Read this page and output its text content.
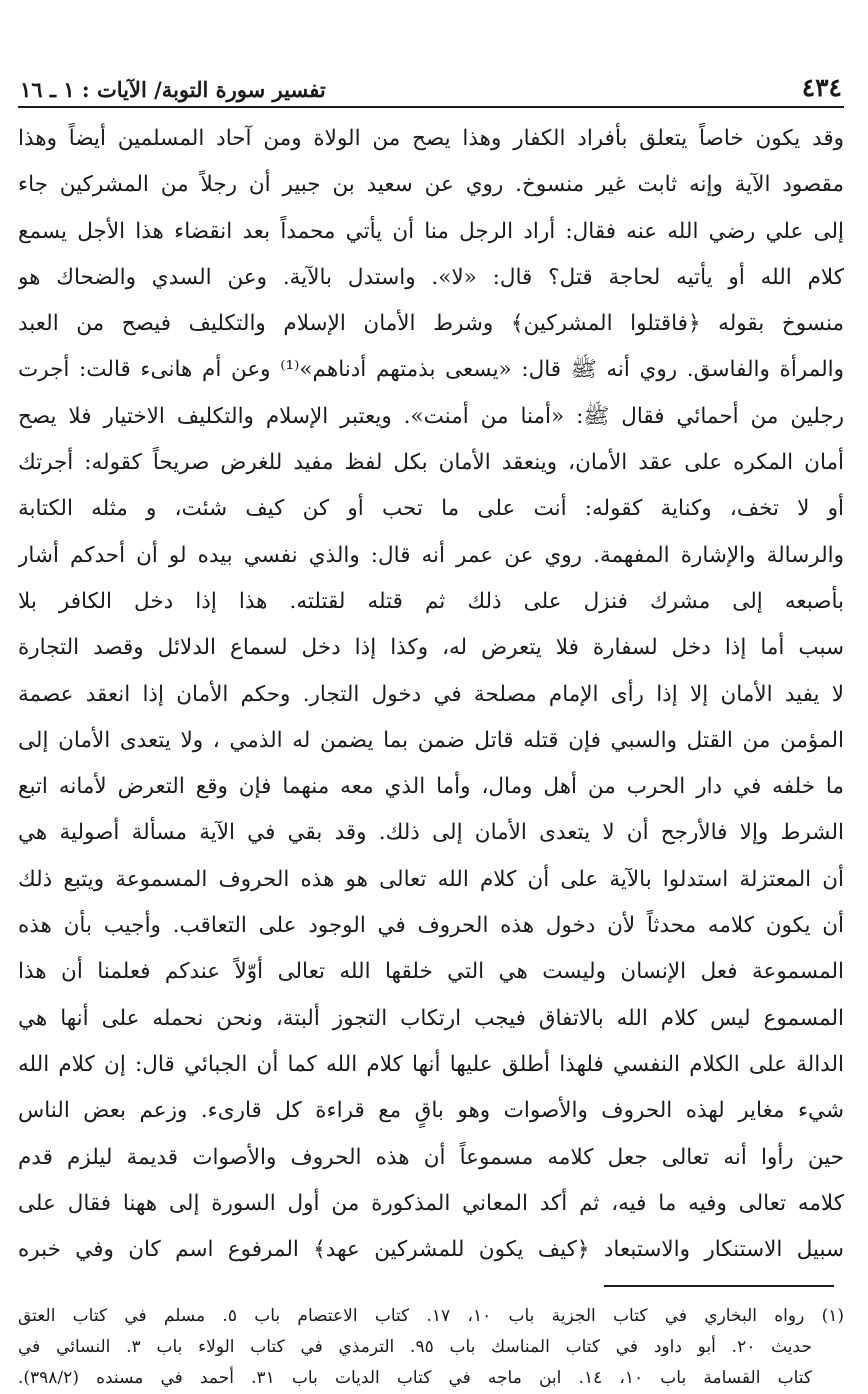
٤٣٤
تفسير سورة التوبة/ الآيات : ١ ـ ١٦
وقد يكون خاصاً يتعلق بأفراد الكفار وهذا يصح من الولاة ومن آحاد المسلمين أيضاً وهذا
مقصود الآية وإنه ثابت غير منسوخ. روي عن سعيد بن جبير أن رجلاً من المشركين جاء
إلى علي رضي الله عنه فقال: أراد الرجل منا أن يأتي محمداً بعد انقضاء هذا الأجل يسمع
كلام الله أو يأتيه لحاجة قتل؟ قال: «لا». واستدل بالآية. وعن السدي والضحاك هو
منسوخ بقوله ﴿فاقتلوا المشركين﴾ وشرط الأمان الإسلام والتكليف فيصح من العبد
والمرأة والفاسق. روي أنه ﷺ قال: «يسعى بذمتهم أدناهم»⁽¹⁾ وعن أم هانىء قالت: أجرت
رجلين من أحمائي فقال ﷺ: «أمنا من أمنت». ويعتبر الإسلام والتكليف الاختيار فلا يصح
أمان المكره على عقد الأمان، وينعقد الأمان بكل لفظ مفيد للغرض صريحاً كقوله: أجرتك
أو لا تخف، وكناية كقوله: أنت على ما تحب أو كن كيف شئت، و مثله الكتابة
والرسالة والإشارة المفهمة. روي عن عمر أنه قال: والذي نفسي بيده لو أن أحدكم أشار
بأصبعه إلى مشرك فنزل على ذلك ثم قتله لقتلته. هذا إذا دخل الكافر بلا
سبب أما إذا دخل لسفارة فلا يتعرض له، وكذا إذا دخل لسماع الدلائل وقصد التجارة
لا يفيد الأمان إلا إذا رأى الإمام مصلحة في دخول التجار. وحكم الأمان إذا انعقد عصمة
المؤمن من القتل والسبي فإن قتله قاتل ضمن بما يضمن له الذمي ، ولا يتعدى الأمان إلى
ما خلفه في دار الحرب من أهل ومال، وأما الذي معه منهما فإن وقع التعرض لأمانه اتبع
الشرط وإلا فالأرجح أن لا يتعدى الأمان إلى ذلك. وقد بقي في الآية مسألة أصولية هي
أن المعتزلة استدلوا بالآية على أن كلام الله تعالى هو هذه الحروف المسموعة ويتبع ذلك
أن يكون كلامه محدثاً لأن دخول هذه الحروف في الوجود على التعاقب. وأجيب بأن هذه
المسموعة فعل الإنسان وليست هي التي خلقها الله تعالى أوّلاً عندكم فعلمنا أن هذا
المسموع ليس كلام الله بالاتفاق فيجب ارتكاب التجوز ألبتة، ونحن نحمله على أنها هي
الدالة على الكلام النفسي فلهذا أطلق عليها أنها كلام الله كما أن الجبائي قال: إن كلام الله
شيء مغاير لهذه الحروف والأصوات وهو باقٍ مع قراءة كل قارىء. وزعم بعض الناس
حين رأوا أنه تعالى جعل كلامه مسموعاً أن هذه الحروف والأصوات قديمة ليلزم قدم
كلامه تعالى وفيه ما فيه، ثم أكد المعاني المذكورة من أول السورة إلى ههنا فقال على
سبيل الاستنكار والاستبعاد ﴿كيف يكون للمشركين عهد﴾ المرفوع اسم كان وفي خبره
(١) رواه البخاري في كتاب الجزية باب ١٠، ١٧. كتاب الاعتصام باب ٥. مسلم في كتاب العتق
حديث ٢٠. أبو داود في كتاب المناسك باب ٩٥. الترمذي في كتاب الولاء باب ٣. النسائي في
كتاب القسامة باب ١٠، ١٤. ابن ماجه في كتاب الديات باب ٣١. أحمد في مسنده (٣٩٨/٢).
